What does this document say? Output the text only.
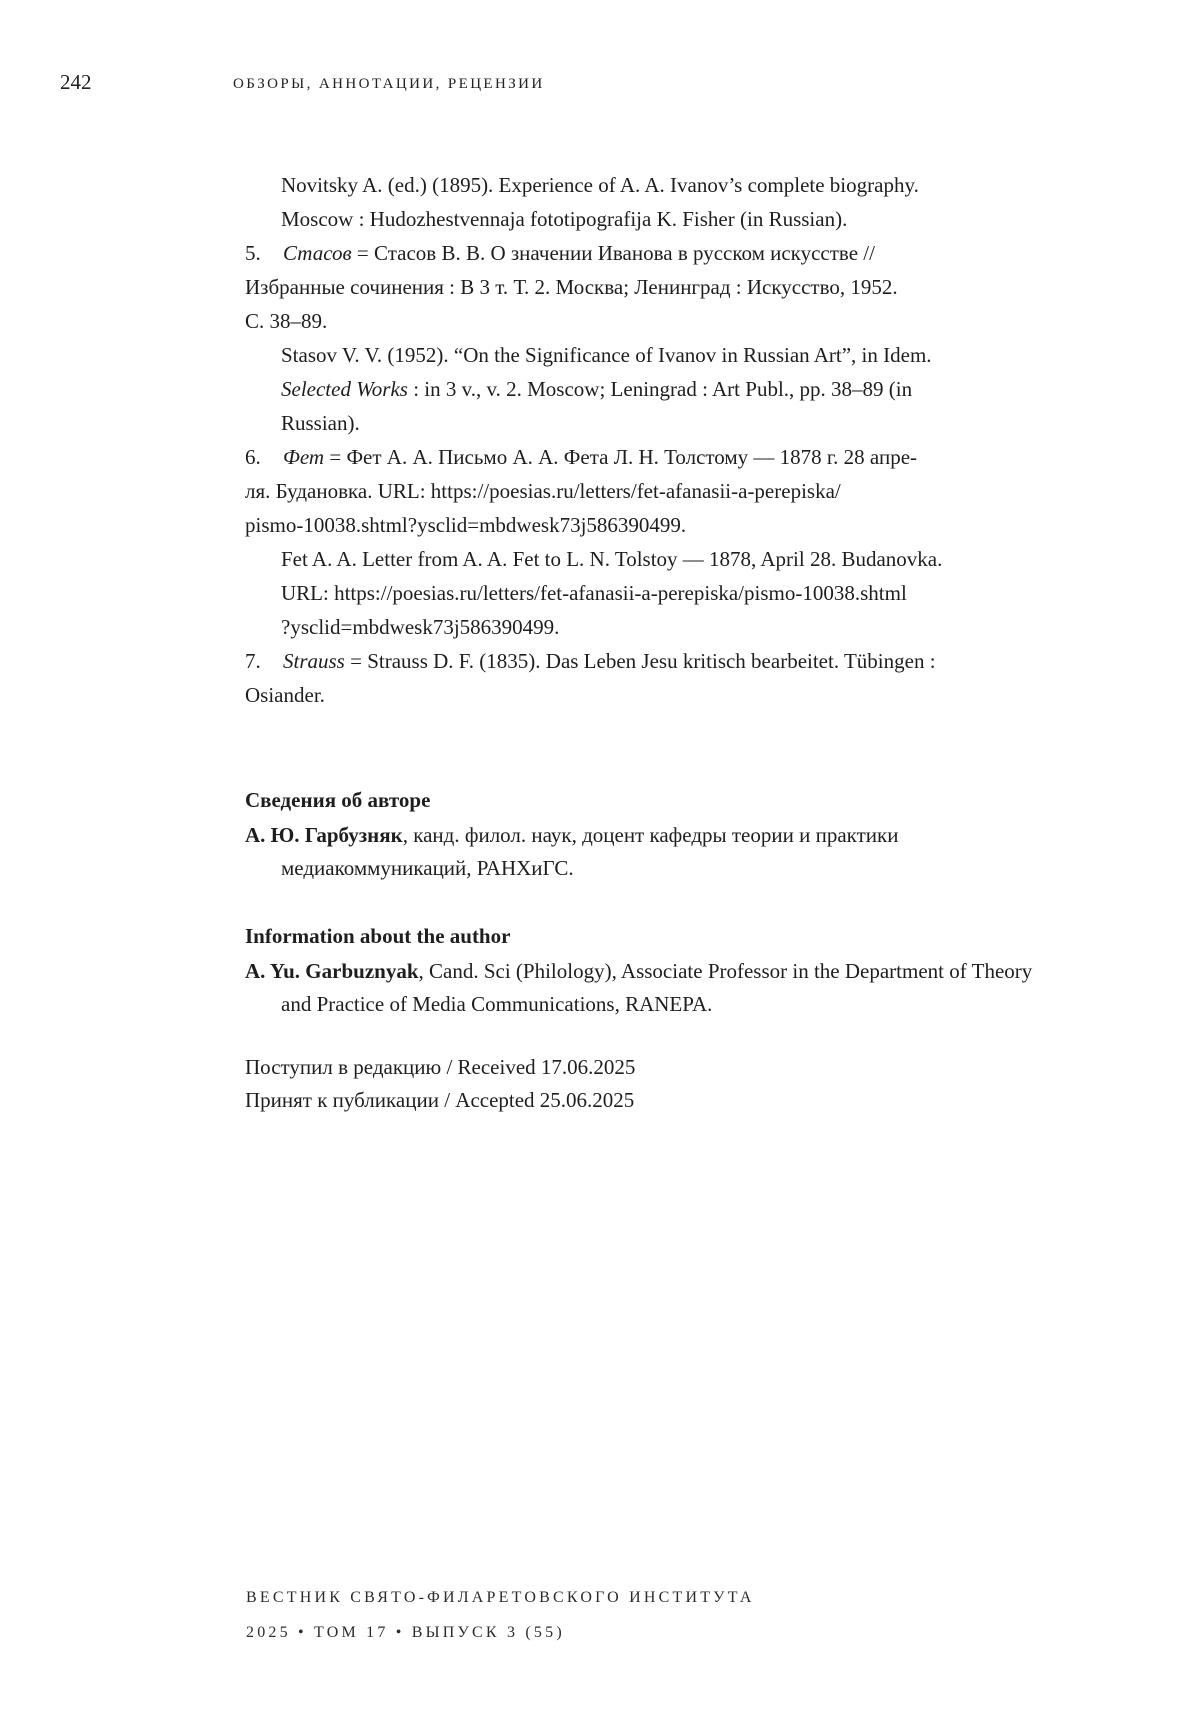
242	ОБЗОРЫ, АННОТАЦИИ, РЕЦЕНЗИИ
Novitsky A. (ed.) (1895). Experience of A. A. Ivanov’s complete biography.
Moscow : Hudozhestvennaja fototipografija K. Fisher (in Russian).
5. Стасов = Стасов В. В. О значении Иванова в русском искусстве //
Избранные сочинения : В 3 т. Т. 2. Москва; Ленинград : Искусство, 1952.
С. 38–89.
Stasov V. V. (1952). “On the Significance of Ivanov in Russian Art”, in Idem.
Selected Works : in 3 v., v. 2. Moscow; Leningrad : Art Publ., pp. 38–89 (in
Russian).
6. Фет = Фет А. А. Письмо А. А. Фета Л. Н. Толстому — 1878 г. 28 апре-
ля. Будановка. URL: https://poesias.ru/letters/fet-afanasii-a-perepiska/
pismo-10038.shtml?ysclid=mbdwesk73j586390499.
Fet A. A. Letter from A. A. Fet to L. N. Tolstoy — 1878, April 28. Budanovka.
URL: https://poesias.ru/letters/fet-afanasii-a-perepiska/pismo-10038.shtml
?ysclid=mbdwesk73j586390499.
7. Strauss = Strauss D. F. (1835). Das Leben Jesu kritisch bearbeitet. Tübingen :
Osiander.
Сведения об авторе
А. Ю. Гарбузняк, канд. филол. наук, доцент кафедры теории и практики
медиакоммуникаций, РАНХиГС.
Information about the author
A. Yu. Garbuznyak, Cand. Sci (Philology), Associate Professor in the Department of Theory
and Practice of Media Communications, RANEPA.
Поступил в редакцию / Received 17.06.2025
Принят к публикации / Accepted 25.06.2025
ВЕСТНИК СВЯТО-ФИЛАРЕТОВСКОГО ИНСТИТУТА
2025 • ТОМ 17 • ВЫПУСК 3 (55)
